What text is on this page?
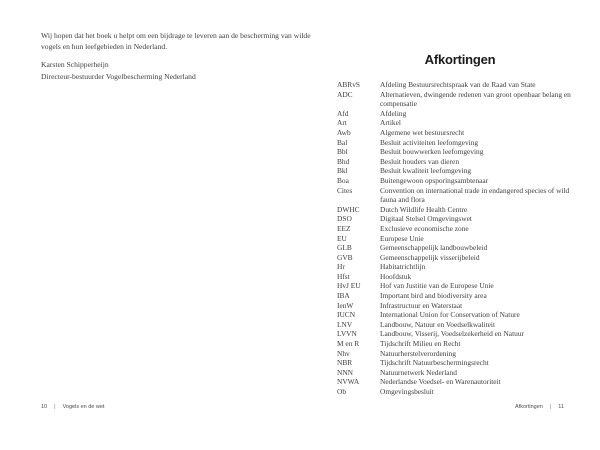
Wij hopen dat het boek u helpt om een bijdrage te leveren aan de bescherming van wilde vogels en hun leefgebieden in Nederland.

Karsten Schipperheijn
Directeur-bestuurder Vogelbescherming Nederland
10 | Vogels en de wet
Afkortingen
ABRvS	Afdeling Bestuursrechtspraak van de Raad van State
ADC	Alternatieven, dwingende redenen van groot openbaar belang en compensatie
Afd	Afdeling
Art	Artikel
Awb	Algemene wet bestuursrecht
Bal	Besluit activiteiten leefomgeving
Bbl	Besluit bouwwerken leefomgeving
Bhd	Besluit houders van dieren
Bkl	Besluit kwaliteit leefomgeving
Boa	Buitengewoon opsporingsambtenaar
Cites	Convention on international trade in endangered species of wild fauna and flora
DWHC	Dutch Wildlife Health Centre
DSO	Digitaal Stelsel Omgevingswet
EEZ	Exclusieve economische zone
EU	Europese Unie
GLB	Gemeenschappelijk landbouwbeleid
GVB	Gemeenschappelijk visserijbeleid
Hr	Habitatrichtlijn
Hfst	Hoofdstuk
HvJ EU	Hof van Justitie van de Europese Unie
IBA	Important bird and biodiversity area
IenW	Infrastructuur en Waterstaat
IUCN	International Union for Conservation of Nature
LNV	Landbouw, Natuur en Voedselkwaliteit
LVVN	Landbouw, Visserij, Voedselzekerheid en Natuur
M en R	Tijdschrift Milieu en Recht
Nhv	Natuurherstelverordening
NBR	Tijdschrift Natuurbeschermingsrecht
NNN	Natuurnetwerk Nederland
NVWA	Nederlandse Voedsel- en Warenautoriteit
Ob	Omgevingsbesluit
Afkortingen | 11
